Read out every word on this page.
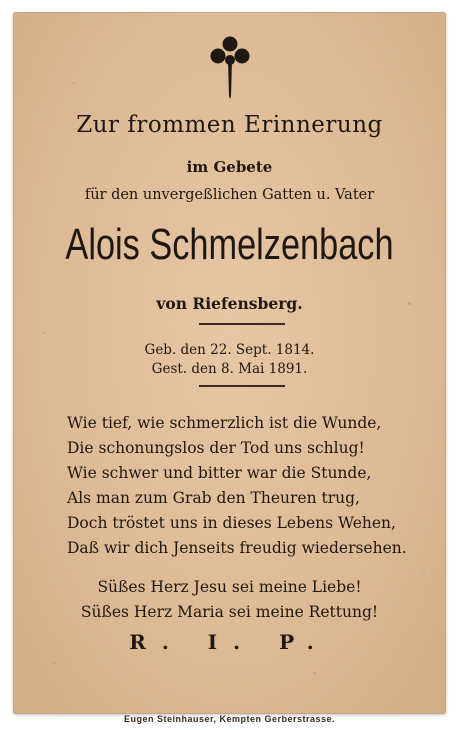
Zur frommen Erinnerung
im Gebete
für den unvergeßlichen Gatten u. Vater
Alois Schmelzenbach
von Riefensberg.
Geb. den 22. Sept. 1814.
Gest. den 8. Mai 1891.
Wie tief, wie schmerzlich ist die Wunde,
Die schonungslos der Tod uns schlug!
Wie schwer und bitter war die Stunde,
Als man zum Grab den Theuren trug,
Doch tröstet uns in dieses Lebens Wehen,
Daß wir dich Jenseits freudig wiedersehen.
Süßes Herz Jesu sei meine Liebe!
Süßes Herz Maria sei meine Rettung!
R. I. P.
Eugen Steinhauser, Kempten Gerberstrasse.
